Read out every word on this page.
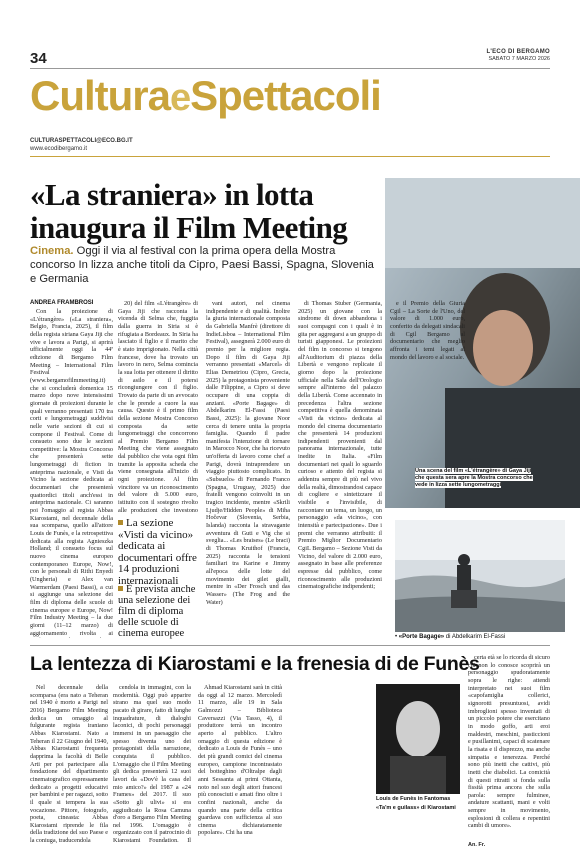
34	L'ECO DI BERGAMO
SABATO 7 MARZO 2026
CulturaeSpettacoli
CULTURASPETTACOLI@ECO.BG.IT
www.ecodibergamo.it
Una scena del film «L'étrangère» di Gaya Jiji che questa sera apre la Mostra concorso che vede in lizza sette lungometraggi
«La straniera» in lotta inaugura il Film Meeting
Cinema. Oggi il via al festival con la prima opera della Mostra concorso In lizza anche titoli da Cipro, Paesi Bassi, Spagna, Slovenia e Germania
ANDREA FRAMBROSI

Con la proiezione di «L'étrangère» («La straniera», Belgio, Francia, 2025), il film della regista siriana Gaya Jiji che vive e lavora a Parigi, si aprirà ufficialmente oggi la 44ª edizione di Bergamo Film Meeting – International Film Festival (www.bergamofilmmeeting.it) che si concluderà domenica 15 marzo dopo nove intensissimi giornate di proiezioni durante le quali verranno presentati 170 tra corti e lungometraggi suddivisi nelle varie sezioni di cui si compone il Festival. Come di consueto sono due le sezioni competitive: la Mostra Concorso che presenterà sette lungometraggi di fiction in anteprima nazionale, e Visti da Vicino la sezione dedicata ai documentari che presenterà quattordici titoli anch'essi in anteprima nazionale. Ci saranno poi l'omaggio al regista Abbas Kiarostami, nel decennale della sua scomparsa, quello all'attore Louis de Funès, e la retrospettiva dedicata alla regista Agnieszka Holland; il consueto focus sul nuovo cinema europeo contemporaneo Europe, Now!, con le personali di Rithi Enyedi (Ungheria) e Alex van Warmerdam (Paesi Bassi), a cui si aggiunge una selezione dei film di diploma delle scuole di cinema europee e Europe, Now! Film Industry Meeting – la due giorni (11–12 marzo) di aggiornamento rivolta ai

20) del film «L'étrangère» di Gaya Jiji che racconta la vicenda di Selma che, fuggita dalla guerra in Siria si è rifugiata a Bordeaux. In Siria ha lasciato il figlio e il marito che è stato imprigionato. Nella città francese, dove ha trovato un lavoro in nero, Selma comincia la sua lotta per ottenere il diritto di asilo e il potersi ricongiungere con il figlio. Trovato da parte di un avvocato che le prende a cuore la sua causa. Questo è il primo film della sezione Mostra Concorso composta da sette lungometraggi che concorrono al Premio Bergamo Film Meeting che viene assegnato dal pubblico che vota ogni film tramite la apposita scheda che viene consegnata all'inizio di ogni proiezione. Al film vincitore va un riconoscimento del valore di 5.000 euro, istituito con il sostegno rivolto alle produzioni che investono

vani autori, nel cinema indipendente e di qualità. Inoltre la giuria internazionale composta da Gabriella Manfrè (direttore di IndieLisboa – International Film Festival), assegnerà 2.000 euro di premio per la migliore regia. Dopo il film di Gaya Jiji verranno presentati «Marcel» di Elias Demetriou (Cipro, Grecia, 2025) la protagonista proveniente dalle Filippine, a Cipro si deve occupare di una coppia di anziani. «Porte Bagage» di Abdelkarim El-Fassi (Paesi Bassi, 2025): la giovane Noor cerca di tenere unita la propria famiglia. Quando il padre manifesta l'intenzione di tornare in Marocco Noor, che ha ricevuto un'offerta di lavoro come chef a Parigi, dovrà intraprendere un viaggio piuttosto complicato. In «Subsuelo» di Fernando Franco (Spagna, Uruguay, 2025) due fratelli vengono coinvolti in un tragico incidente, mentre «Skrili Ljudje/Hidden People» di Miha Hočevar (Slovenia, Serbia, Islanda) racconta la stravagante avventura di Guti e Vig che si sveglia... «Les braises» (Le braci) di Thomas Kruithof (Francia, 2025) racconta le tensioni familiari tra Karine e Jimmy all'epoca delle lotte del movimento dei gilet gialli, mentre in «Der Frosch und das Wasser» (The Frog and the Water)

di Thomas Stuber (Germania, 2025) un giovane con la sindrome di down abbandona i suoi compagni con i quali è in gita per aggregarsi a un gruppo di turisti giapponesi. Le proiezioni del film in concorso si tengono all'Auditorium di piazza della Libertà e vengono replicate il giorno dopo la proiezione ufficiale nella Sala dell'Orologio sempre all'interno del palazzo della Libertà. Come accennato in precedenza l'altra sezione competitiva è quella denominata «Visti da vicino» dedicata al mondo del cinema documentario che presenterà 14 produzioni indipendenti provenienti dal panorama internazionale, tutte inedite in Italia. «Film documentari nei quali lo sguardo curioso e attento del regista si addentra sempre di più nel vivo della realtà, dimostrandosi capace di cogliere e sintetizzare il visibile e l'invisibile, di raccontare un tema, un luogo, un personaggio «da vicino», con intensità e partecipazione». Due i premi che verranno attribuiti: il Premio Miglior Documentario CgiL Bergamo – Sezione Visti da Vicino, del valore di 2.000 euro, assegnato in base alle preferenze espresse dal pubblico, come riconoscimento alle produzioni cinematografiche indipendenti;

e il Premio della Giuria Cgil – La Sorte de l'Uno, del valore di 1.000 euro, conferito da delegati sindacali di Cgil Bergamo al documentario che meglio affronta i temi legati al mondo del lavoro e al sociale.

La sezione «Visti da vicino» dedicata ai documentari offre 14 produzioni internazionali
È prevista anche una selezione dei film di diploma delle scuole di cinema europee	• «Porte Bagage» di Abdelkarim El-Fassi
La lentezza di Kiarostami e la frenesia di de Funès

Nel decennale della scomparsa (era nato a Teheran nel 1940 è morto a Parigi nel 2016) Bergamo Film Meeting dedica un omaggio al fulgurante regista iraniano Abbas Kiarostami. Nato a Teheran il 22 Giugno del 1940, Abbas Kiarostami frequenta dapprima la facoltà di Belle Arti per poi partecipare alla fondazione del dipartimento cinematografico espressamente dedicato a progetti educativi per bambini e per ragazzi, sotto il quale si tempera la sua vocazione. Pittore, fotografo, poeta, cineasta: Abbas Kiarostami riprende le fila della tradizione del suo Paese e la coniuga, traducendola

cendola in immagini, con la modernità. Oggi può apparire strano ma quel suo modo pacato di girare, fatto di lunghe inquadrature, di dialoghi laconici, di pochi personaggi immersi in un paesaggio che spesso diventa uno dei protagonisti della narrazione, conquista il pubblico. L'omaggio che il Film Meeting gli dedica presenterà 12 suoi lavori da «Dov'è la casa del mio amico?» del 1987 a «24 Frames» del 2017. Il suo «Sotto gli ulivi» si era aggiudicato la Rosa Camuna d'oro a Bergamo Film Meeting nel 1996. L'omaggio è organizzato con il patrocinio di Kiarostami Foundation. Il

Ahmad Kiarostami sarà in città da oggi al 12 marzo. Mercoledì 11 marzo, alle 19 in Sala Galmozzi – Biblioteca Caversazzi (Via Tasso, 4), il produttore terrà un incontro aperto al pubblico. L'altro omaggio di questa edizione è dedicato a Louis de Funès – uno dei più grandi comici del cinema europeo, campione incontrastato del botteghino d'Oltralpe dagli anni Sessanta ai primi Ottanta, noto nel suo degli attori francesi più conosciuti e amati fino oltre i confini nazionali, anche da quando una parte della critica guardava con sufficienza al suo cinema dichiaratamente popolare». Chi ha una

certa età se lo ricorda di sicuro chi non lo conosce scoprirà un personaggio spudoratamente sopra le righe: attendi interpretato nei suoi film «capofamiglia collerici, signorotti presuntuosi, avidi imbroglioni spesso inventati di un piccolo potere che esercitano in modo goffo, arti eroi maldestri, meschini, pasticcioni e pusillanimi, capaci di scatenare la risata e il disprezzo, ma anche simpatia e tenerezza. Perché sono più inetti che cattivi, più inetti che diabolici. La comicità di questi ritratti si fonda sulla fissità prima ancora che sulla parola: sempre fulminee, andature scattanti, mani e volti sempre in movimento, esplosioni di collera e repentini cambi di umore».

Louis de Funès in Fantomas
«Ta'm e guilass» di Kiarostami
An. Fr.
